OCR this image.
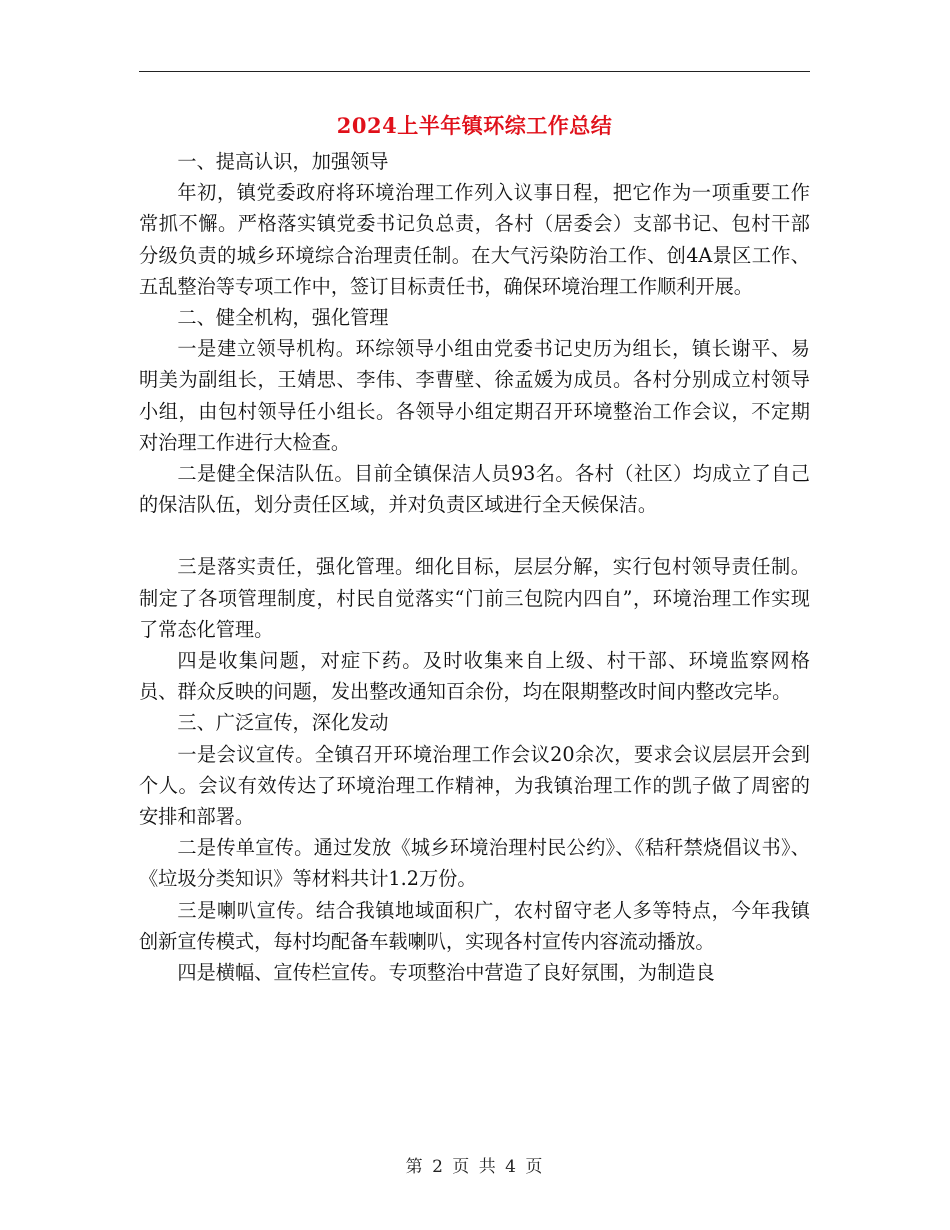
2024上半年镇环综工作总结

一、提高认识，加强领导

年初，镇党委政府将环境治理工作列入议事日程，把它作为一项重要工作常抓不懈。严格落实镇党委书记负总责，各村（居委会）支部书记、包村干部分级负责的城乡环境综合治理责任制。在大气污染防治工作、创4A景区工作、五乱整治等专项工作中，签订目标责任书，确保环境治理工作顺利开展。

二、健全机构，强化管理

一是建立领导机构。环综领导小组由党委书记史历为组长，镇长谢平、易明美为副组长，王婧思、李伟、李曹壁、徐孟媛为成员。各村分别成立村领导小组，由包村领导任小组长。各领导小组定期召开环境整治工作会议，不定期对治理工作进行大检查。

二是健全保洁队伍。目前全镇保洁人员93名。各村（社区）均成立了自己的保洁队伍，划分责任区域，并对负责区域进行全天候保洁。

三是落实责任，强化管理。细化目标，层层分解，实行包村领导责任制。制定了各项管理制度，村民自觉落实“门前三包院内四自”，环境治理工作实现了常态化管理。

四是收集问题，对症下药。及时收集来自上级、村干部、环境监察网格员、群众反映的问题，发出整改通知百余份，均在限期整改时间内整改完毕。

三、广泛宣传，深化发动

一是会议宣传。全镇召开环境治理工作会议20余次，要求会议层层开会到个人。会议有效传达了环境治理工作精神，为我镇治理工作的凯子做了周密的安排和部署。

二是传单宣传。通过发放《城乡环境治理村民公约》、《秸秆禁烧倡议书》、《垃圾分类知识》等材料共计1.2万份。

三是喇叭宣传。结合我镇地域面积广，农村留守老人多等特点，今年我镇创新宣传模式，每村均配备车载喇叭，实现各村宣传内容流动播放。

四是横幅、宣传栏宣传。专项整治中营造了良好氛围，为制造良

第 2 页 共 4 页
